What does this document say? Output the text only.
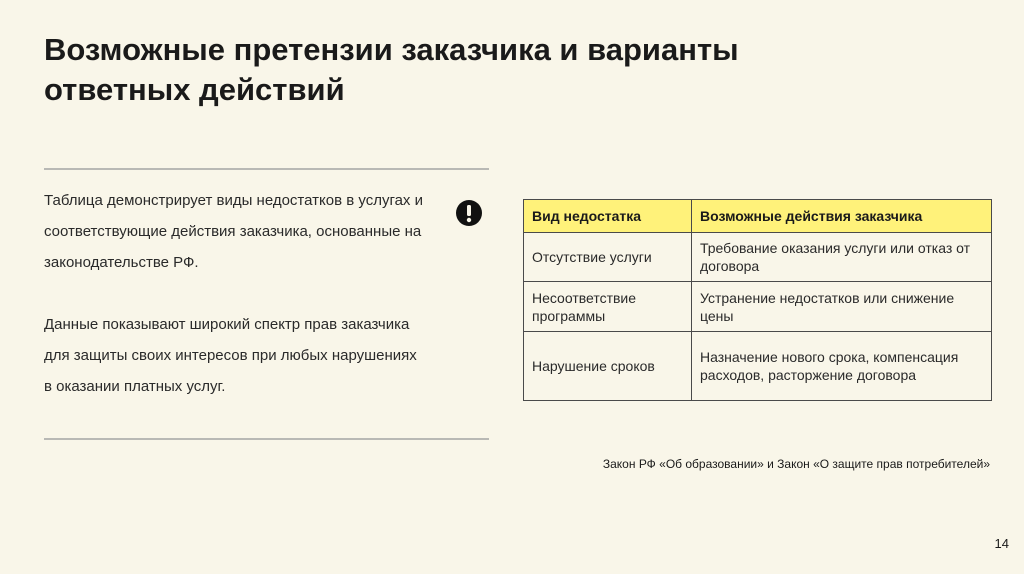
Возможные претензии заказчика и варианты ответных действий

Таблица демонстрирует виды недостатков в услугах и соответствующие действия заказчика, основанные на законодательстве РФ.

Данные показывают широкий спектр прав заказчика для защиты своих интересов при любых нарушениях в оказании платных услуг.

Вид недостатка	Возможные действия заказчика
Отсутствие услуги	Требование оказания услуги или отказ от договора
Несоответствие программы	Устранение недостатков или снижение цены
Нарушение сроков	Назначение нового срока, компенсация расходов, расторжение договора

Закон РФ «Об образовании» и Закон «О защите прав потребителей»

14
